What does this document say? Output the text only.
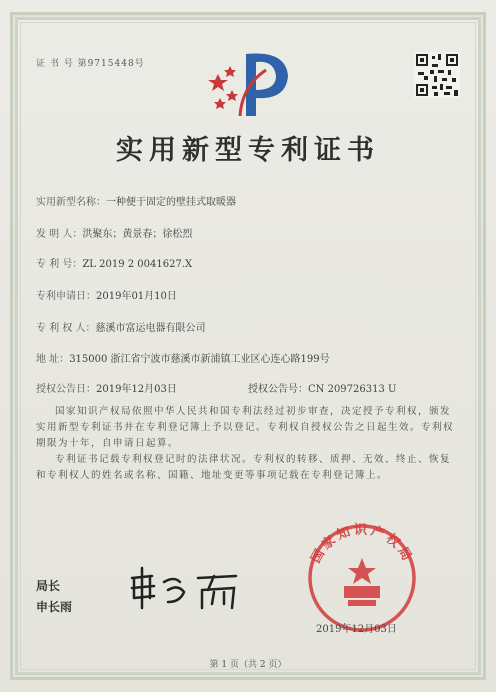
证 书 号 第9715448号
实用新型专利证书
实用新型名称：一种便于固定的壁挂式取暖器
发 明 人：洪聚东；黄景春；徐松烈
专 利 号：ZL 2019 2 0041627.X
专利申请日：2019年01月10日
专 利 权 人：慈溪市富运电器有限公司
地 址：315000 浙江省宁波市慈溪市新浦镇工业区心连心路199号
授权公告日：2019年12月03日	授权公告号：CN 209726313 U
国家知识产权局依照中华人民共和国专利法经过初步审查，决定授予专利权，颁发实用新型专利证书并在专利登记簿上予以登记。专利权自授权公告之日起生效。专利权期限为十年，自申请日起算。
专利证书记载专利权登记时的法律状况。专利权的转移、质押、无效、终止、恢复和专利权人的姓名或名称、国籍、地址变更等事项记载在专利登记簿上。
局长
申长雨
国家知识产权局
2019年12月03日
第 1 页（共 2 页）
